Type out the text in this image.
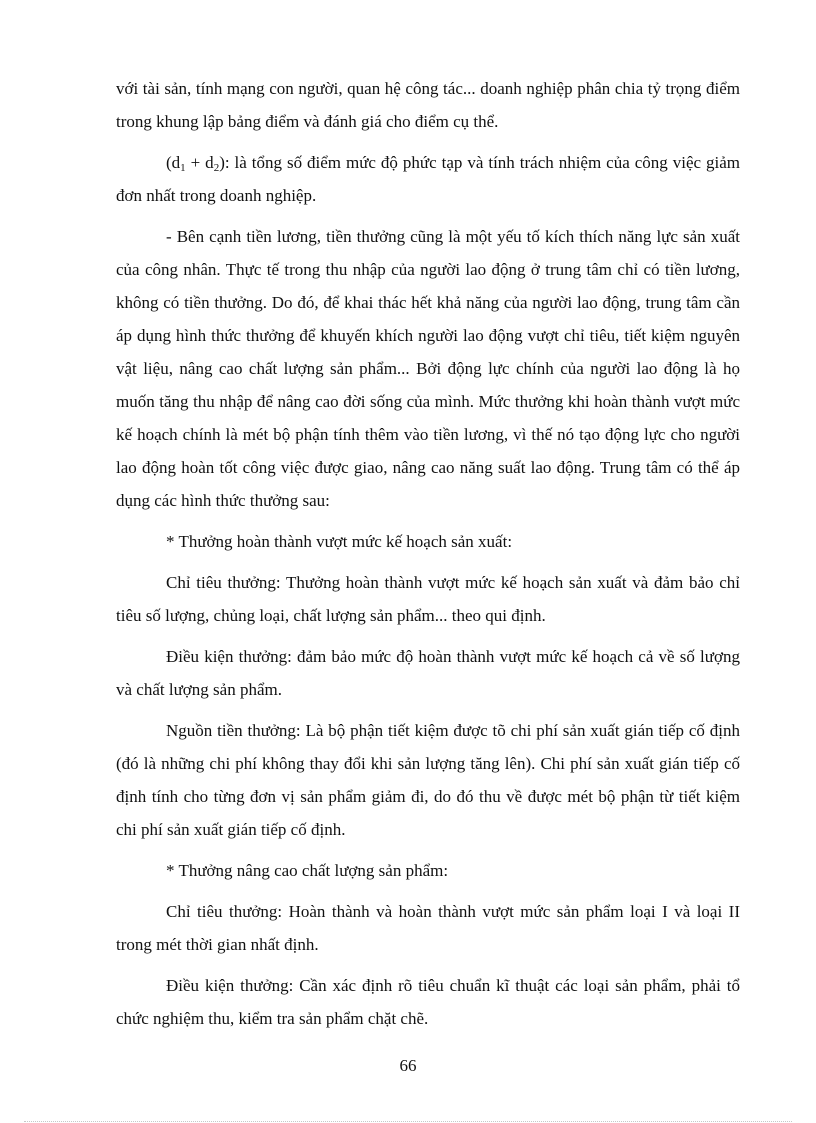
với tài sản, tính mạng con người, quan hệ công tác... doanh nghiệp phân chia tỷ trọng điểm trong khung lập bảng điểm và đánh giá cho điểm cụ thể.

$(d_1 + d_2)$: là tổng số điểm mức độ phức tạp và tính trách nhiệm của công việc giảm đơn nhất trong doanh nghiệp.

- Bên cạnh tiền lương, tiền thưởng cũng là một yếu tố kích thích năng lực sản xuất của công nhân. Thực tế trong thu nhập của người lao động ở trung tâm chỉ có tiền lương, không có tiền thưởng. Do đó, để khai thác hết khả năng của người lao động, trung tâm cần áp dụng hình thức thưởng để khuyến khích người lao động vượt chỉ tiêu, tiết kiệm nguyên vật liệu, nâng cao chất lượng sản phẩm... Bởi động lực chính của người lao động là họ muốn tăng thu nhập để nâng cao đời sống của mình. Mức thưởng khi hoàn thành vượt mức kế hoạch chính là mét bộ phận tính thêm vào tiền lương, vì thế nó tạo động lực cho người lao động hoàn tốt công việc được giao, nâng cao năng suất lao động. Trung tâm có thể áp dụng các hình thức thưởng sau:

* Thưởng hoàn thành vượt mức kế hoạch sản xuất:

Chỉ tiêu thưởng: Thưởng hoàn thành vượt mức kế hoạch sản xuất và đảm bảo chỉ tiêu số lượng, chủng loại, chất lượng sản phẩm... theo qui định.

Điều kiện thưởng: đảm bảo mức độ hoàn thành vượt mức kế hoạch cả về số lượng và chất lượng sản phẩm.

Nguồn tiền thưởng: Là bộ phận tiết kiệm được tõ chi phí sản xuất gián tiếp cố định (đó là những chi phí không thay đổi khi sản lượng tăng lên). Chi phí sản xuất gián tiếp cố định tính cho từng đơn vị sản phẩm giảm đi, do đó thu về được mét bộ phận từ tiết kiệm chi phí sản xuất gián tiếp cố định.

* Thưởng nâng cao chất lượng sản phẩm:

Chỉ tiêu thưởng: Hoàn thành và hoàn thành vượt mức sản phẩm loại I và loại II trong mét thời gian nhất định.

Điều kiện thưởng: Cần xác định rõ tiêu chuẩn kĩ thuật các loại sản phẩm, phải tổ chức nghiệm thu, kiểm tra sản phẩm chặt chẽ.

66
